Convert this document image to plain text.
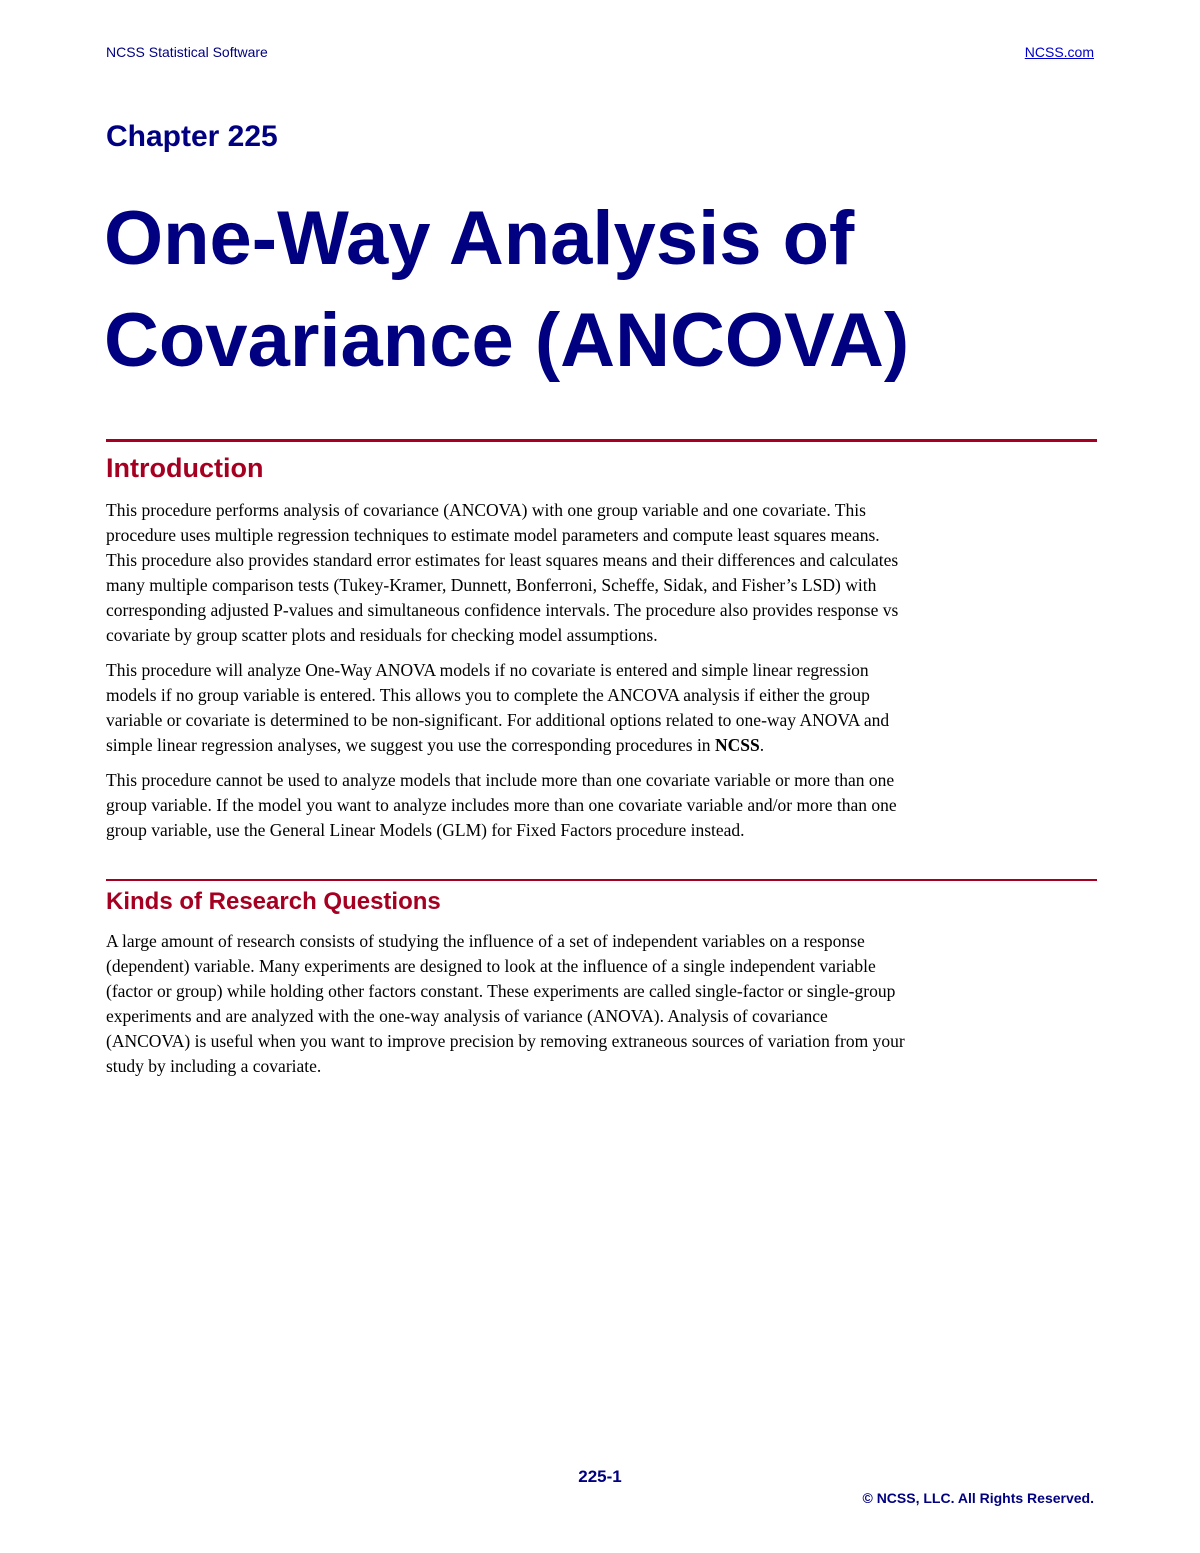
NCSS Statistical Software	NCSS.com
Chapter 225
One-Way Analysis of
Covariance (ANCOVA)
Introduction
This procedure performs analysis of covariance (ANCOVA) with one group variable and one covariate. This
procedure uses multiple regression techniques to estimate model parameters and compute least squares means.
This procedure also provides standard error estimates for least squares means and their differences and calculates
many multiple comparison tests (Tukey-Kramer, Dunnett, Bonferroni, Scheffe, Sidak, and Fisher’s LSD) with
corresponding adjusted P-values and simultaneous confidence intervals. The procedure also provides response vs
covariate by group scatter plots and residuals for checking model assumptions.
This procedure will analyze One-Way ANOVA models if no covariate is entered and simple linear regression
models if no group variable is entered. This allows you to complete the ANCOVA analysis if either the group
variable or covariate is determined to be non-significant. For additional options related to one-way ANOVA and
simple linear regression analyses, we suggest you use the corresponding procedures in NCSS.
This procedure cannot be used to analyze models that include more than one covariate variable or more than one
group variable. If the model you want to analyze includes more than one covariate variable and/or more than one
group variable, use the General Linear Models (GLM) for Fixed Factors procedure instead.
Kinds of Research Questions
A large amount of research consists of studying the influence of a set of independent variables on a response
(dependent) variable. Many experiments are designed to look at the influence of a single independent variable
(factor or group) while holding other factors constant. These experiments are called single-factor or single-group
experiments and are analyzed with the one-way analysis of variance (ANOVA). Analysis of covariance
(ANCOVA) is useful when you want to improve precision by removing extraneous sources of variation from your
study by including a covariate.
225-1
© NCSS, LLC. All Rights Reserved.
